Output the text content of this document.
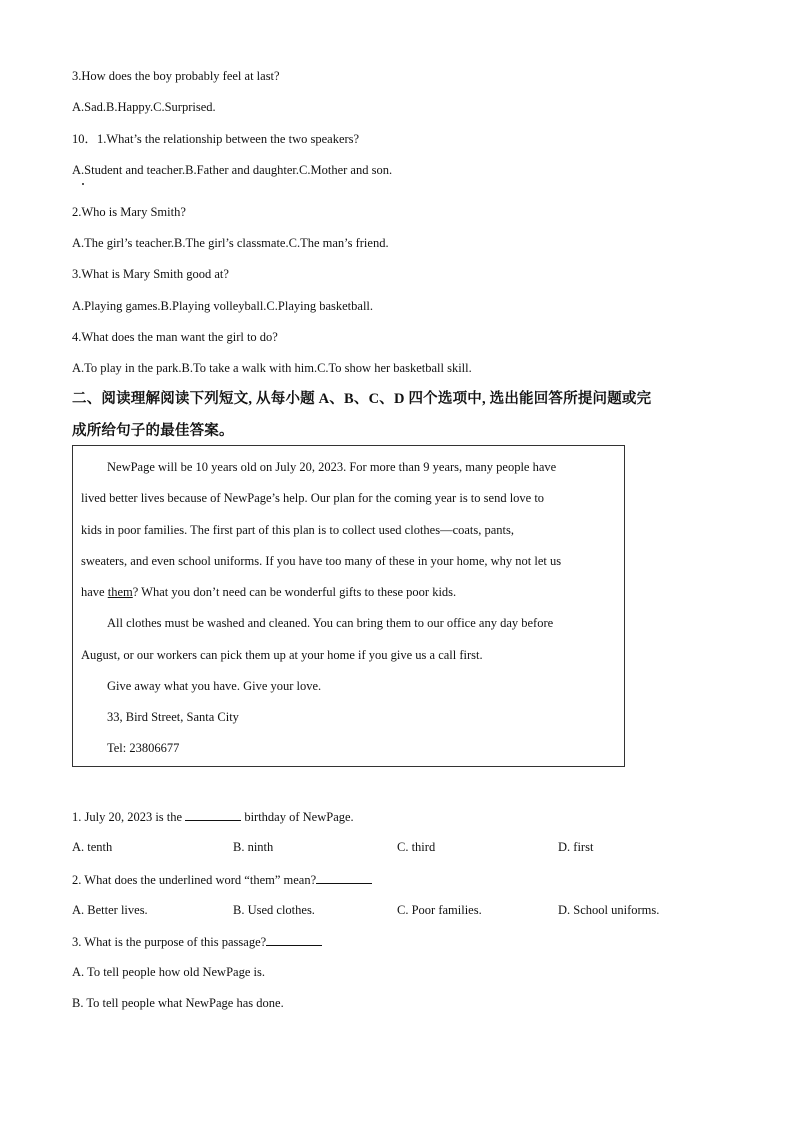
3.How does the boy probably feel at last?
A.Sad.B.Happy.C.Surprised.
10．1.What’s the relationship between the two speakers?
A.Student and teacher.B.Father and daughter.C.Mother and son.
2.Who is Mary Smith?
A.The girl’s teacher.B.The girl’s classmate.C.The man’s friend.
3.What is Mary Smith good at?
A.Playing games.B.Playing volleyball.C.Playing basketball.
4.What does the man want the girl to do?
A.To play in the park.B.To take a walk with him.C.To show her basketball skill.
二、阅读理解阅读下列短文, 从每小题 A、B、C、D 四个选项中, 选出能回答所提问题或完
成所给句子的最佳答案。
NewPage will be 10 years old on July 20, 2023. For more than 9 years, many people have
lived better lives because of NewPage’s help. Our plan for the coming year is to send love to
kids in poor families. The first part of this plan is to collect used clothes—coats, pants,
sweaters, and even school uniforms. If you have too many of these in your home, why not let us
have them? What you don’t need can be wonderful gifts to these poor kids.
All clothes must be washed and cleaned. You can bring them to our office any day before
August, or our workers can pick them up at your home if you give us a call first.
Give away what you have. Give your love.
33, Bird Street, Santa City
Tel: 23806677
1. July 20, 2023 is the	birthday of NewPage.
A. tenth	B. ninth	C. third	D. first
2. What does the underlined word “them” mean?
A. Better lives.	B. Used clothes.	C. Poor families.	D. School uniforms.
3. What is the purpose of this passage?
A. To tell people how old NewPage is.
B. To tell people what NewPage has done.
